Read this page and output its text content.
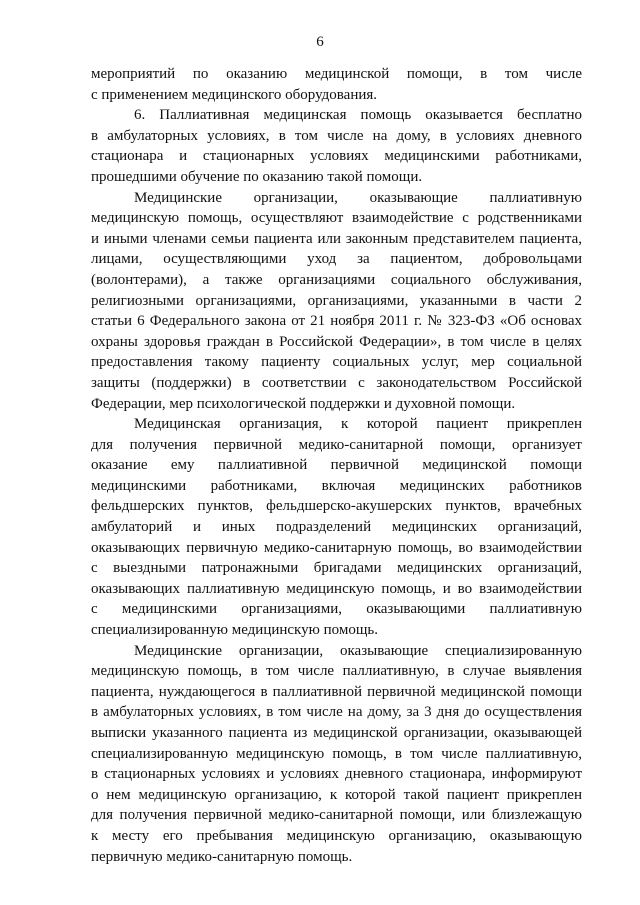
6
мероприятий по оказанию медицинской помощи, в том числе
с применением медицинского оборудования.
6. Паллиативная медицинская помощь оказывается бесплатно
в амбулаторных условиях, в том числе на дому, в условиях дневного
стационара и стационарных условиях медицинскими работниками,
прошедшими обучение по оказанию такой помощи.
Медицинские организации, оказывающие паллиативную
медицинскую помощь, осуществляют взаимодействие с родственниками
и иными членами семьи пациента или законным представителем пациента,
лицами, осуществляющими уход за пациентом, добровольцами
(волонтерами), а также организациями социального обслуживания,
религиозными организациями, организациями, указанными в части 2
статьи 6 Федерального закона от 21 ноября 2011 г. № 323-ФЗ «Об основах
охраны здоровья граждан в Российской Федерации», в том числе в целях
предоставления такому пациенту социальных услуг, мер социальной
защиты (поддержки) в соответствии с законодательством Российской
Федерации, мер психологической поддержки и духовной помощи.
Медицинская организация, к которой пациент прикреплен
для получения первичной медико-санитарной помощи, организует
оказание ему паллиативной первичной медицинской помощи
медицинскими работниками, включая медицинских работников
фельдшерских пунктов, фельдшерско-акушерских пунктов, врачебных
амбулаторий и иных подразделений медицинских организаций,
оказывающих первичную медико-санитарную помощь, во взаимодействии
с выездными патронажными бригадами медицинских организаций,
оказывающих паллиативную медицинскую помощь, и во взаимодействии
с медицинскими организациями, оказывающими паллиативную
специализированную медицинскую помощь.
Медицинские организации, оказывающие специализированную
медицинскую помощь, в том числе паллиативную, в случае выявления
пациента, нуждающегося в паллиативной первичной медицинской помощи
в амбулаторных условиях, в том числе на дому, за 3 дня до осуществления
выписки указанного пациента из медицинской организации, оказывающей
специализированную медицинскую помощь, в том числе паллиативную,
в стационарных условиях и условиях дневного стационара, информируют
о нем медицинскую организацию, к которой такой пациент прикреплен
для получения первичной медико-санитарной помощи, или близлежащую
к месту его пребывания медицинскую организацию, оказывающую
первичную медико-санитарную помощь.
